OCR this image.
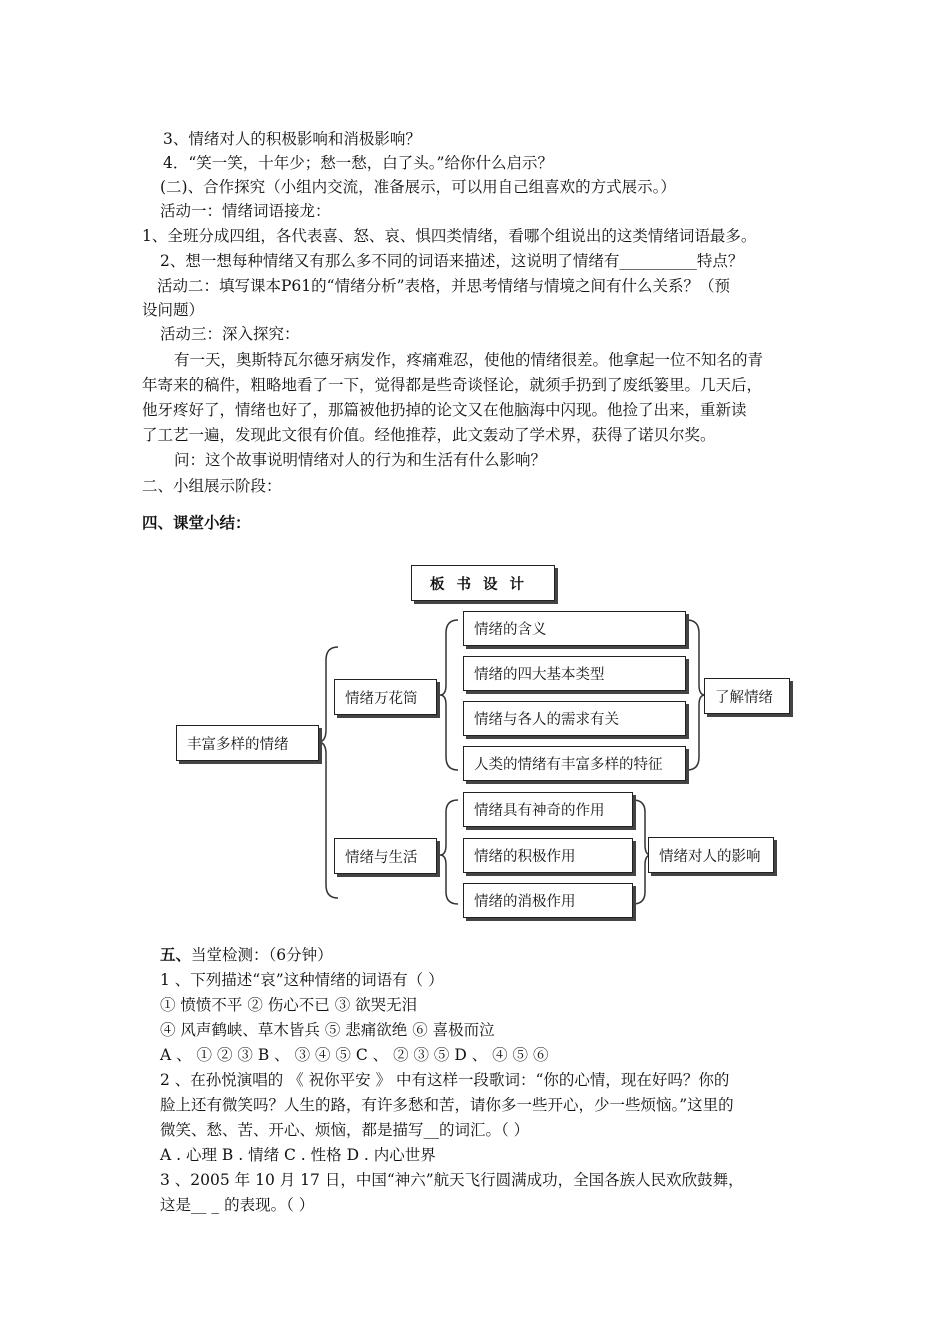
3、情绪对人的积极影响和消极影响？
4．“笑一笑，十年少；愁一愁，白了头。”给你什么启示？
(二)、合作探究（小组内交流，准备展示，可以用自己组喜欢的方式展示。）
活动一：情绪词语接龙：
1、全班分成四组，各代表喜、怒、哀、惧四类情绪，看哪个组说出的这类情绪词语最多。
2、想一想每种情绪又有那么多不同的词语来描述，这说明了情绪有__________特点？
活动二：填写课本P61的“情绪分析”表格，并思考情绪与情境之间有什么关系？（预
设问题）
活动三：深入探究：
有一天，奥斯特瓦尔德牙病发作，疼痛难忍，使他的情绪很差。他拿起一位不知名的青
年寄来的稿件，粗略地看了一下，觉得都是些奇谈怪论，就须手扔到了废纸篓里。几天后，
他牙疼好了，情绪也好了，那篇被他扔掉的论文又在他脑海中闪现。他捡了出来，重新读
了工艺一遍，发现此文很有价值。经他推荐，此文轰动了学术界，获得了诺贝尔奖。
问：这个故事说明情绪对人的行为和生活有什么影响？
二、小组展示阶段：
四、课堂小结：
板书设计
丰富多样的情绪
情绪万花筒
情绪与生活
情绪的含义
情绪的四大基本类型
情绪与各人的需求有关
人类的情绪有丰富多样的特征
情绪具有神奇的作用
情绪的积极作用
情绪的消极作用
了解情绪
情绪对人的影响
五、当堂检测：（6分钟）
1 、下列描述“哀”这种情绪的词语有（ ）
① 愤愤不平 ② 伤心不已 ③ 欲哭无泪
④ 风声鹤峡、草木皆兵 ⑤ 悲痛欲绝 ⑥ 喜极而泣
A 、 ① ② ③ B 、 ③ ④ ⑤ C 、 ② ③ ⑤ D 、 ④ ⑤ ⑥
2 、在孙悦演唱的 《 祝你平安 》 中有这样一段歌词：“你的心情，现在好吗？你的
脸上还有微笑吗？人生的路，有许多愁和苦，请你多一些开心，少一些烦恼。”这里的
微笑、愁、苦、开心、烦恼，都是描写__的词汇。（ ）
A . 心理 B . 情绪 C . 性格 D . 内心世界
3 、2005 年 10 月 17 日，中国“神六”航天飞行圆满成功，全国各族人民欢欣鼓舞，
这是__ _ 的表现。（ ）
